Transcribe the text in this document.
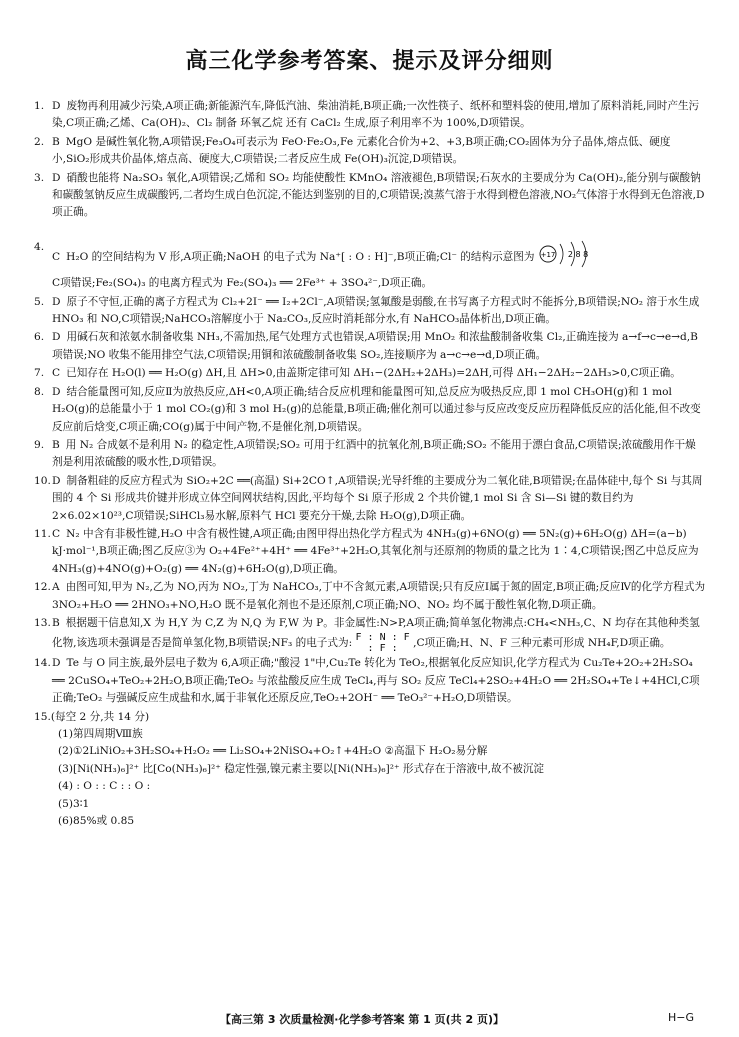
高三化学参考答案、提示及评分细则
1. D 废物再利用减少污染,A项正确;新能源汽车,降低汽油、柴油消耗,B项正确;一次性筷子、纸杯和塑料袋的使用,增加了原料消耗,同时产生污染,C项正确;乙烯、Ca(OH)₂、Cl₂ 制备 环氧乙烷 还有 CaCl₂ 生成,原子利用率不为 100%,D项错误。
2. B MgO 是碱性氧化物,A项错误;Fe₃O₄可表示为 FeO·Fe₂O₃,Fe 元素化合价为+2、+3,B项正确;CO₂固体为分子晶体,熔点低、硬度小,SiO₂形成共价晶体,熔点高、硬度大,C项错误;二者反应生成 Fe(OH)₃沉淀,D项错误。
3. D 硝酸也能将 Na₂SO₃ 氧化,A项错误;乙烯和 SO₂ 均能使酸性 KMnO₄ 溶液褪色,B项错误;石灰水的主要成分为 Ca(OH)₂,能分别与碳酸钠和碳酸氢钠反应生成碳酸钙,二者均生成白色沉淀,不能达到鉴别的目的,C项错误;溴蒸气溶于水得到橙色溶液,NO₂气体溶于水得到无色溶液,D项正确。
4.
C H₂O 的空间结构为 V 形,A项正确;NaOH 的电子式为 Na⁺[ : O : H]⁻,B项正确;Cl⁻ 的结构示意图为 +17 2 8 8
C项错误;Fe₂(SO₄)₃ 的电离方程式为 Fe₂(SO₄)₃ ══ 2Fe³⁺ + 3SO₄²⁻,D项正确。
5. D 原子不守恒,正确的离子方程式为 Cl₂+2I⁻ ══ I₂+2Cl⁻,A项错误;氢氟酸是弱酸,在书写离子方程式时不能拆分,B项错误;NO₂ 溶于水生成 HNO₃ 和 NO,C项错误;NaHCO₃溶解度小于 Na₂CO₃,反应时消耗部分水,有 NaHCO₃晶体析出,D项正确。
6. D 用碱石灰和浓氨水制备收集 NH₃,不需加热,尾气处理方式也错误,A项错误;用 MnO₂ 和浓盐酸制备收集 Cl₂,正确连接为 a→f→c→e→d,B项错误;NO 收集不能用排空气法,C项错误;用铜和浓硫酸制备收集 SO₂,连接顺序为 a→c→e→d,D项正确。
7. C 已知存在 H₂O(l) ══ H₂O(g) ΔH,且 ΔH>0,由盖斯定律可知 ΔH₁−(2ΔH₂+2ΔH₃)=2ΔH,可得 ΔH₁−2ΔH₂−2ΔH₃>0,C项正确。
8. D 结合能量图可知,反应Ⅱ为放热反应,ΔH<0,A项正确;结合反应机理和能量图可知,总反应为吸热反应,即 1 mol CH₃OH(g)和 1 mol H₂O(g)的总能量小于 1 mol CO₂(g)和 3 mol H₂(g)的总能量,B项正确;催化剂可以通过参与反应改变反应历程降低反应的活化能,但不改变反应前后焓变,C项正确;CO(g)属于中间产物,不是催化剂,D项错误。
9. B 用 N₂ 合成氨不是利用 N₂ 的稳定性,A项错误;SO₂ 可用于红酒中的抗氧化剂,B项正确;SO₂ 不能用于漂白食品,C项错误;浓硫酸用作干燥剂是利用浓硫酸的吸水性,D项错误。
10. D 制备粗硅的反应方程式为 SiO₂+2C ══(高温) Si+2CO↑,A项错误;光导纤维的主要成分为二氧化硅,B项错误;在晶体硅中,每个 Si 与其周围的 4 个 Si 形成共价键并形成立体空间网状结构,因此,平均每个 Si 原子形成 2 个共价键,1 mol Si 含 Si—Si 键的数目约为 2×6.02×10²³,C项错误;SiHCl₃易水解,原料气 HCl 要充分干燥,去除 H₂O(g),D项正确。
11. C N₂ 中含有非极性键,H₂O 中含有极性键,A项正确;由图甲得出热化学方程式为 4NH₃(g)+6NO(g) ══ 5N₂(g)+6H₂O(g) ΔH=(a−b) kJ·mol⁻¹,B项正确;图乙反应③为 O₂+4Fe²⁺+4H⁺ ══ 4Fe³⁺+2H₂O,其氧化剂与还原剂的物质的量之比为 1∶4,C项错误;图乙中总反应为 4NH₃(g)+4NO(g)+O₂(g) ══ 4N₂(g)+6H₂O(g),D项正确。
12. A 由图可知,甲为 N₂,乙为 NO,丙为 NO₂,丁为 NaHCO₃,丁中不含氮元素,A项错误;只有反应Ⅰ属于氮的固定,B项正确;反应Ⅳ的化学方程式为 3NO₂+H₂O ══ 2HNO₃+NO,H₂O 既不是氧化剂也不是还原剂,C项正确;NO、NO₂ 均不属于酸性氧化物,D项正确。
13. B 根据题干信息知,X 为 H,Y 为 C,Z 为 N,Q 为 F,W 为 P。非金属性:N>P,A项正确;简单氢化物沸点:CH₄<NH₃,C、N 均存在其他种类氢化物,该选项未强调是否是简单氢化物,B项错误;NF₃ 的电子式为: F : N : F
: F : ,C项正确;H、N、F 三种元素可形成 NH₄F,D项正确。
14. D Te 与 O 同主族,最外层电子数为 6,A项正确;"酸浸 1"中,Cu₂Te 转化为 TeO₂,根据氧化反应知识,化学方程式为 Cu₂Te+2O₂+2H₂SO₄ ══ 2CuSO₄+TeO₂+2H₂O,B项正确;TeO₂ 与浓盐酸反应生成 TeCl₄,再与 SO₂ 反应 TeCl₄+2SO₂+4H₂O ══ 2H₂SO₄+Te↓+4HCl,C项正确;TeO₂ 与强碱反应生成盐和水,属于非氧化还原反应,TeO₂+2OH⁻ ══ TeO₃²⁻+H₂O,D项错误。
15.(每空 2 分,共 14 分)
(1)第四周期Ⅷ族
(2)①2LiNiO₂+3H₂SO₄+H₂O₂ ══ Li₂SO₄+2NiSO₄+O₂↑+4H₂O ②高温下 H₂O₂易分解
(3)[Ni(NH₃)₆]²⁺ 比[Co(NH₃)₆]²⁺ 稳定性强,镍元素主要以[Ni(NH₃)₆]²⁺ 形式存在于溶液中,故不被沉淀
(4) : O : : C : : O :
(5)3∶1
(6)85%或 0.85
【高三第 3 次质量检测·化学参考答案 第 1 页(共 2 页)】	H−G
